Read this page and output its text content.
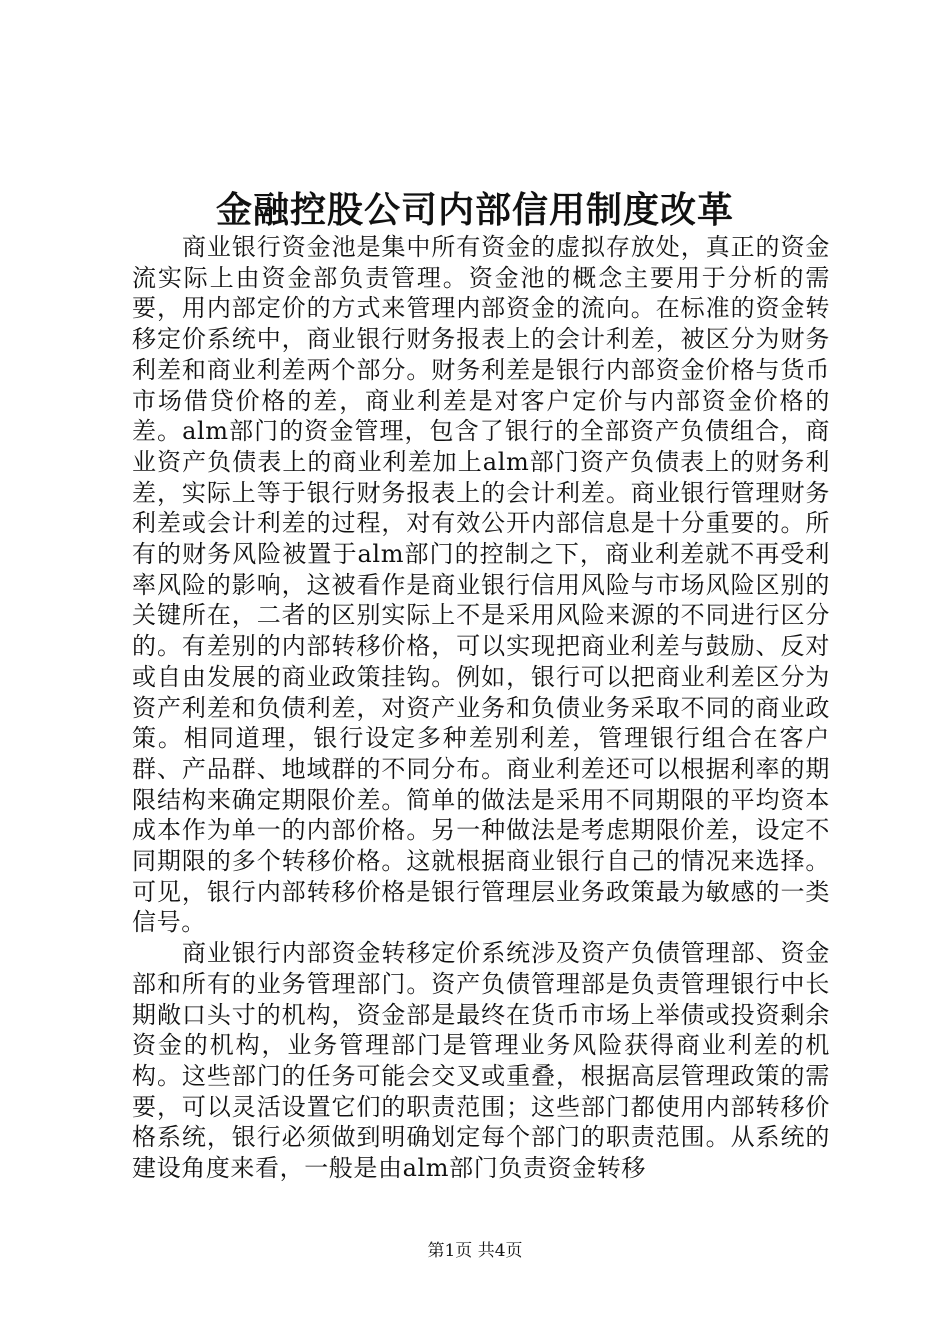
金融控股公司内部信用制度改革

商业银行资金池是集中所有资金的虚拟存放处，真正的资金流实际上由资金部负责管理。资金池的概念主要用于分析的需要，用内部定价的方式来管理内部资金的流向。在标准的资金转移定价系统中，商业银行财务报表上的会计利差，被区分为财务利差和商业利差两个部分。财务利差是银行内部资金价格与货币市场借贷价格的差，商业利差是对客户定价与内部资金价格的差。alm部门的资金管理，包含了银行的全部资产负债组合，商业资产负债表上的商业利差加上alm部门资产负债表上的财务利差，实际上等于银行财务报表上的会计利差。商业银行管理财务利差或会计利差的过程，对有效公开内部信息是十分重要的。所有的财务风险被置于alm部门的控制之下，商业利差就不再受利率风险的影响，这被看作是商业银行信用风险与市场风险区别的关键所在，二者的区别实际上不是采用风险来源的不同进行区分的。有差别的内部转移价格，可以实现把商业利差与鼓励、反对或自由发展的商业政策挂钩。例如，银行可以把商业利差区分为资产利差和负债利差，对资产业务和负债业务采取不同的商业政策。相同道理，银行设定多种差别利差，管理银行组合在客户群、产品群、地域群的不同分布。商业利差还可以根据利率的期限结构来确定期限价差。简单的做法是采用不同期限的平均资本成本作为单一的内部价格。另一种做法是考虑期限价差，设定不同期限的多个转移价格。这就根据商业银行自己的情况来选择。可见，银行内部转移价格是银行管理层业务政策最为敏感的一类信号。

商业银行内部资金转移定价系统涉及资产负债管理部、资金部和所有的业务管理部门。资产负债管理部是负责管理银行中长期敞口头寸的机构，资金部是最终在货币市场上举债或投资剩余资金的机构，业务管理部门是管理业务风险获得商业利差的机构。这些部门的任务可能会交叉或重叠，根据高层管理政策的需要，可以灵活设置它们的职责范围；这些部门都使用内部转移价格系统，银行必须做到明确划定每个部门的职责范围。从系统的建设角度来看，一般是由alm部门负责资金转移

第1页 共4页
